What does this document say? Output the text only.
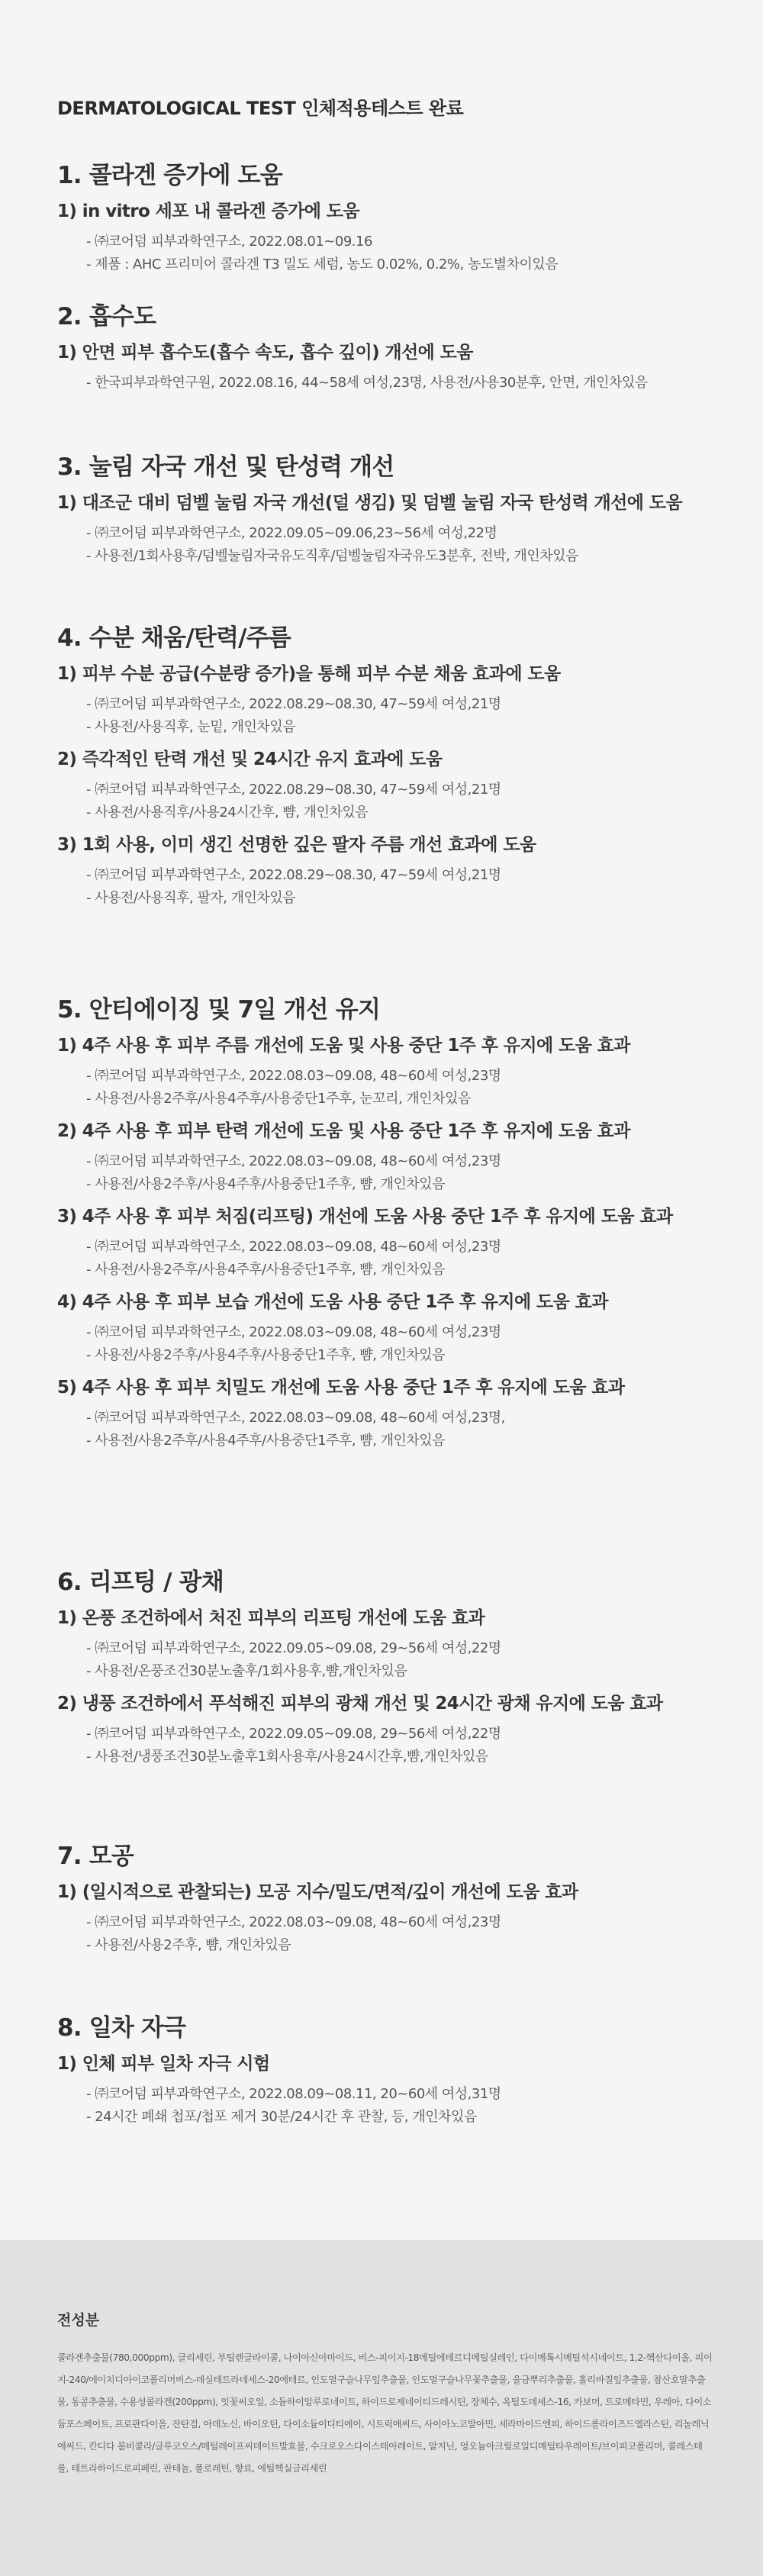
DERMATOLOGICAL TEST 인체적용테스트 완료
1. 콜라겐 증가에 도움
1) in vitro 세포 내 콜라겐 증가에 도움
- ㈜코어덤 피부과학연구소, 2022.08.01~09.16
- 제품 : AHC 프리미어 콜라겐 T3 밀도 세럼, 농도 0.02%, 0.2%, 농도별차이있음
2. 흡수도
1) 안면 피부 흡수도(흡수 속도, 흡수 깊이) 개선에 도움
- 한국피부과학연구원, 2022.08.16, 44~58세 여성,23명, 사용전/사용30분후, 안면, 개인차있음
3. 눌림 자국 개선 및 탄성력 개선
1) 대조군 대비 덤벨 눌림 자국 개선(덜 생김) 및 덤벨 눌림 자국 탄성력 개선에 도움
- ㈜코어덤 피부과학연구소, 2022.09.05~09.06,23~56세 여성,22명
- 사용전/1회사용후/덤벨눌림자국유도직후/덤벨눌림자국유도3분후, 전박, 개인차있음
4. 수분 채움/탄력/주름
1) 피부 수분 공급(수분량 증가)을 통해 피부 수분 채움 효과에 도움
- ㈜코어덤 피부과학연구소, 2022.08.29~08.30, 47~59세 여성,21명
- 사용전/사용직후, 눈밑, 개인차있음
2) 즉각적인 탄력 개선 및 24시간 유지 효과에 도움
- ㈜코어덤 피부과학연구소, 2022.08.29~08.30, 47~59세 여성,21명
- 사용전/사용직후/사용24시간후, 뺨, 개인차있음
3) 1회 사용, 이미 생긴 선명한 깊은 팔자 주름 개선 효과에 도움
- ㈜코어덤 피부과학연구소, 2022.08.29~08.30, 47~59세 여성,21명
- 사용전/사용직후, 팔자, 개인차있음
5. 안티에이징 및 7일 개선 유지
1) 4주 사용 후 피부 주름 개선에 도움 및 사용 중단 1주 후 유지에 도움 효과
- ㈜코어덤 피부과학연구소, 2022.08.03~09.08, 48~60세 여성,23명
- 사용전/사용2주후/사용4주후/사용중단1주후, 눈꼬리, 개인차있음
2) 4주 사용 후 피부 탄력 개선에 도움 및 사용 중단 1주 후 유지에 도움 효과
- ㈜코어덤 피부과학연구소, 2022.08.03~09.08, 48~60세 여성,23명
- 사용전/사용2주후/사용4주후/사용중단1주후, 뺨, 개인차있음
3) 4주 사용 후 피부 처짐(리프팅) 개선에 도움 사용 중단 1주 후 유지에 도움 효과
- ㈜코어덤 피부과학연구소, 2022.08.03~09.08, 48~60세 여성,23명
- 사용전/사용2주후/사용4주후/사용중단1주후, 뺨, 개인차있음
4) 4주 사용 후 피부 보습 개선에 도움 사용 중단 1주 후 유지에 도움 효과
- ㈜코어덤 피부과학연구소, 2022.08.03~09.08, 48~60세 여성,23명
- 사용전/사용2주후/사용4주후/사용중단1주후, 뺨, 개인차있음
5) 4주 사용 후 피부 치밀도 개선에 도움 사용 중단 1주 후 유지에 도움 효과
- ㈜코어덤 피부과학연구소, 2022.08.03~09.08, 48~60세 여성,23명,
- 사용전/사용2주후/사용4주후/사용중단1주후, 뺨, 개인차있음
6. 리프팅 / 광채
1) 온풍 조건하에서 처진 피부의 리프팅 개선에 도움 효과
- ㈜코어덤 피부과학연구소, 2022.09.05~09.08, 29~56세 여성,22명
- 사용전/온풍조건30분노출후/1회사용후,뺨,개인차있음
2) 냉풍 조건하에서 푸석해진 피부의 광채 개선 및 24시간 광채 유지에 도움 효과
- ㈜코어덤 피부과학연구소, 2022.09.05~09.08, 29~56세 여성,22명
- 사용전/냉풍조건30분노출후1회사용후/사용24시간후,뺨,개인차있음
7. 모공
1) (일시적으로 관찰되는) 모공 지수/밀도/면적/깊이 개선에 도움 효과
- ㈜코어덤 피부과학연구소, 2022.08.03~09.08, 48~60세 여성,23명
- 사용전/사용2주후, 뺨, 개인차있음
8. 일차 자극
1) 인체 피부 일차 자극 시험
- ㈜코어덤 피부과학연구소, 2022.08.09~08.11, 20~60세 여성,31명
- 24시간 폐쇄 첩포/첩포 제거 30분/24시간 후 관찰, 등, 개인차있음
전성분
콜라겐추출물(780,000ppm), 글리세린, 부틸렌글라이콜, 나이아신아마이드, 비스-피이지-18메틸에테르디메틸실레인, 다이메톡시메틸석시네이트, 1,2-헥산다이올, 피이지-240/에이치디아이코폴리머비스-데실테트라데세스-20에테르, 인도멀구슬나무잎추출물, 인도멀구슬나무꽃추출물, 울금뿌리추출물, 홀리바질잎추출물, 참산호말추출물, 동콩추출물, 수용성콜라겐(200ppm), 잇꽃씨오일, 소듐하이알루로네이트, 하이드로제네이티드레시틴, 장체수, 옥틸도데세스-16, 카보머, 트로메타민, 우레아, 다이소듐포스페이트, 프로판다이올, 잔탄검, 아데노신, 바이오틴, 다이소듐이디티에이, 시트릭애씨드, 사이아노코발아민, 세라마이드엔피, 하이드롤라이즈드엘라스틴, 리놀레닉애씨드, 칸디다 봄비콜라/글루코오스/메틸레이프씨데이트발효물, 수크로오스다이스테아레이트, 알지닌, 엉오늄아크릴로일디메틸타우레이트/브이피코폴리머, 콜레스테롤, 테트라하이드로피페린, 판테놀, 폴로레틴, 향료, 에틸헥실글리세린
